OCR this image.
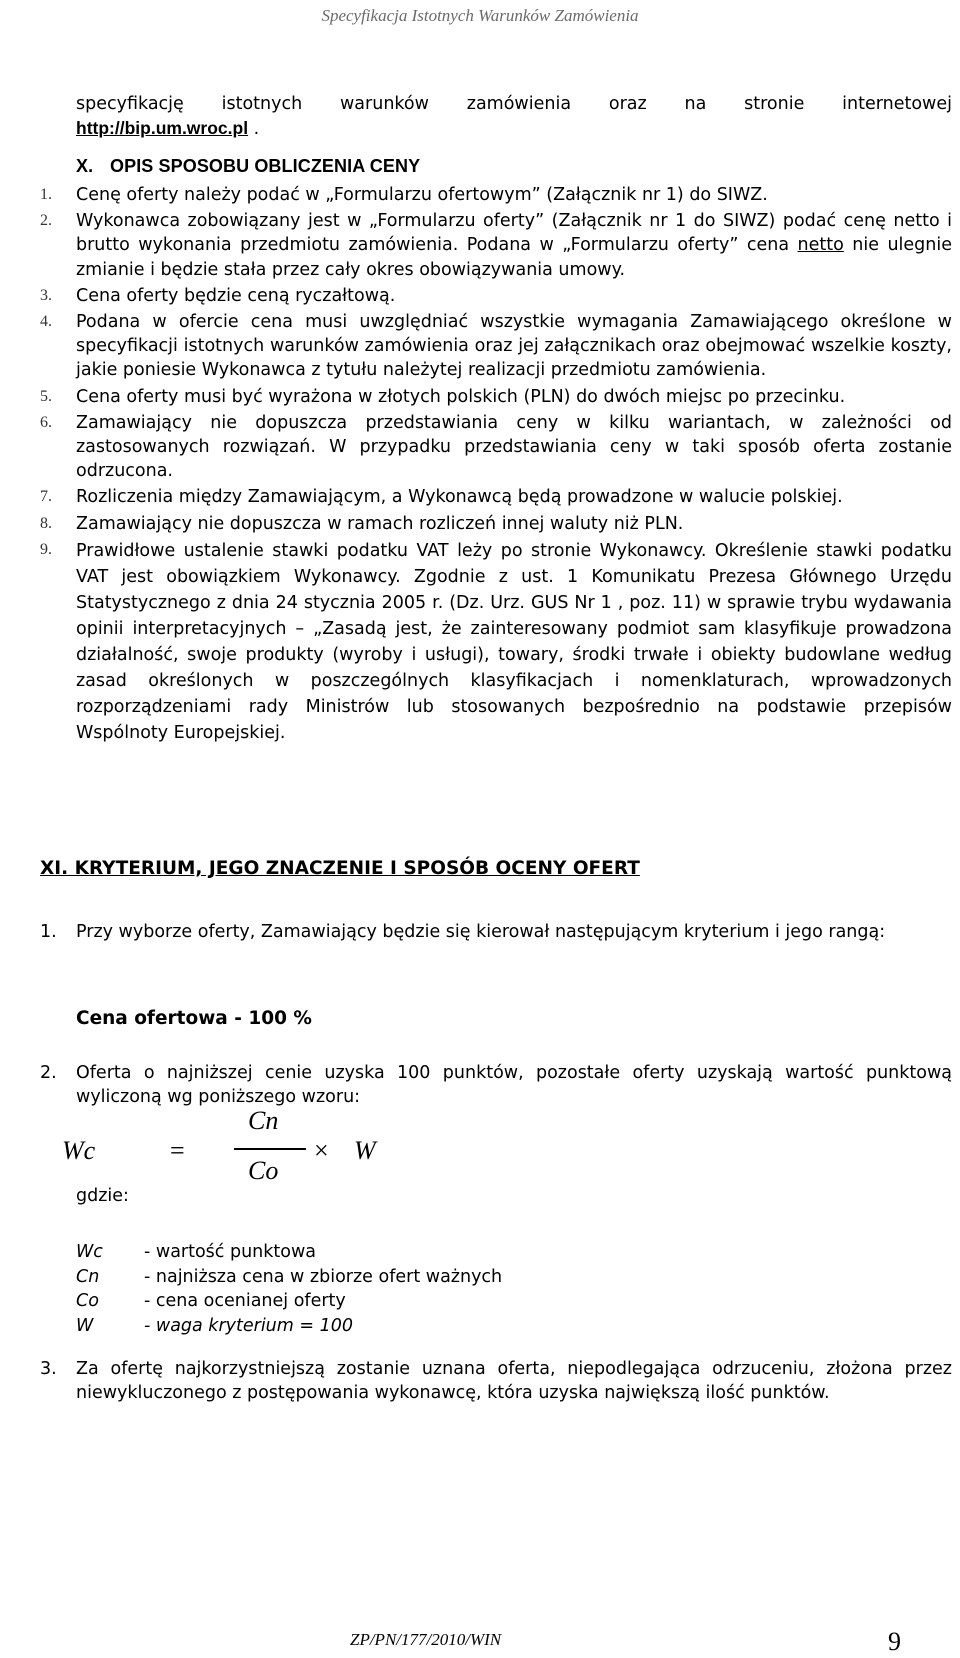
Specyfikacja Istotnych Warunków Zamówienia
specyfikację istotnych warunków zamówienia oraz na stronie internetowej
http://bip.um.wroc.pl .
X. OPIS SPOSOBU OBLICZENIA CENY
1. Cenę oferty należy podać w „Formularzu ofertowym” (Załącznik nr 1) do SIWZ.
2. Wykonawca zobowiązany jest w „Formularzu oferty” (Załącznik nr 1 do SIWZ) podać cenę netto i brutto wykonania przedmiotu zamówienia. Podana w „Formularzu oferty” cena netto nie ulegnie zmianie i będzie stała przez cały okres obowiązywania umowy.
3. Cena oferty będzie ceną ryczałtową.
4. Podana w ofercie cena musi uwzględniać wszystkie wymagania Zamawiającego określone w specyfikacji istotnych warunków zamówienia oraz jej załącznikach oraz obejmować wszelkie koszty, jakie poniesie Wykonawca z tytułu należytej realizacji przedmiotu zamówienia.
5. Cena oferty musi być wyrażona w złotych polskich (PLN) do dwóch miejsc po przecinku.
6. Zamawiający nie dopuszcza przedstawiania ceny w kilku wariantach, w zależności od zastosowanych rozwiązań. W przypadku przedstawiania ceny w taki sposób oferta zostanie odrzucona.
7. Rozliczenia między Zamawiającym, a Wykonawcą będą prowadzone w walucie polskiej.
8. Zamawiający nie dopuszcza w ramach rozliczeń innej waluty niż PLN.
9. Prawidłowe ustalenie stawki podatku VAT leży po stronie Wykonawcy. Określenie stawki podatku VAT jest obowiązkiem Wykonawcy. Zgodnie z ust. 1 Komunikatu Prezesa Głównego Urzędu Statystycznego z dnia 24 stycznia 2005 r. (Dz. Urz. GUS Nr 1 , poz. 11) w sprawie trybu wydawania opinii interpretacyjnych – „Zasadą jest, że zainteresowany podmiot sam klasyfikuje prowadzona działalność, swoje produkty (wyroby i usługi), towary, środki trwałe i obiekty budowlane według zasad określonych w poszczególnych klasyfikacjach i nomenklaturach, wprowadzonych rozporządzeniami rady Ministrów lub stosowanych bezpośrednio na podstawie przepisów Wspólnoty Europejskiej.
XI. KRYTERIUM, JEGO ZNACZENIE I SPOSÓB OCENY OFERT
1. Przy wyborze oferty, Zamawiający będzie się kierował następującym kryterium i jego rangą:
Cena ofertowa - 100 %
2. Oferta o najniższej cenie uzyska 100 punktów, pozostałe oferty uzyskają wartość punktową wyliczoną wg poniższego wzoru:
Wc	=
Cn
Co
× W
gdzie:
Wc - wartość punktowa
Cn	- najniższa cena w zbiorze ofert ważnych
Co	- cena ocenianej oferty
W	- waga kryterium = 100
3. Za ofertę najkorzystniejszą zostanie uznana oferta, niepodlegająca odrzuceniu, złożona przez niewykluczonego z postępowania wykonawcę, która uzyska największą ilość punktów.
ZP/PN/177/2010/WIN	9
